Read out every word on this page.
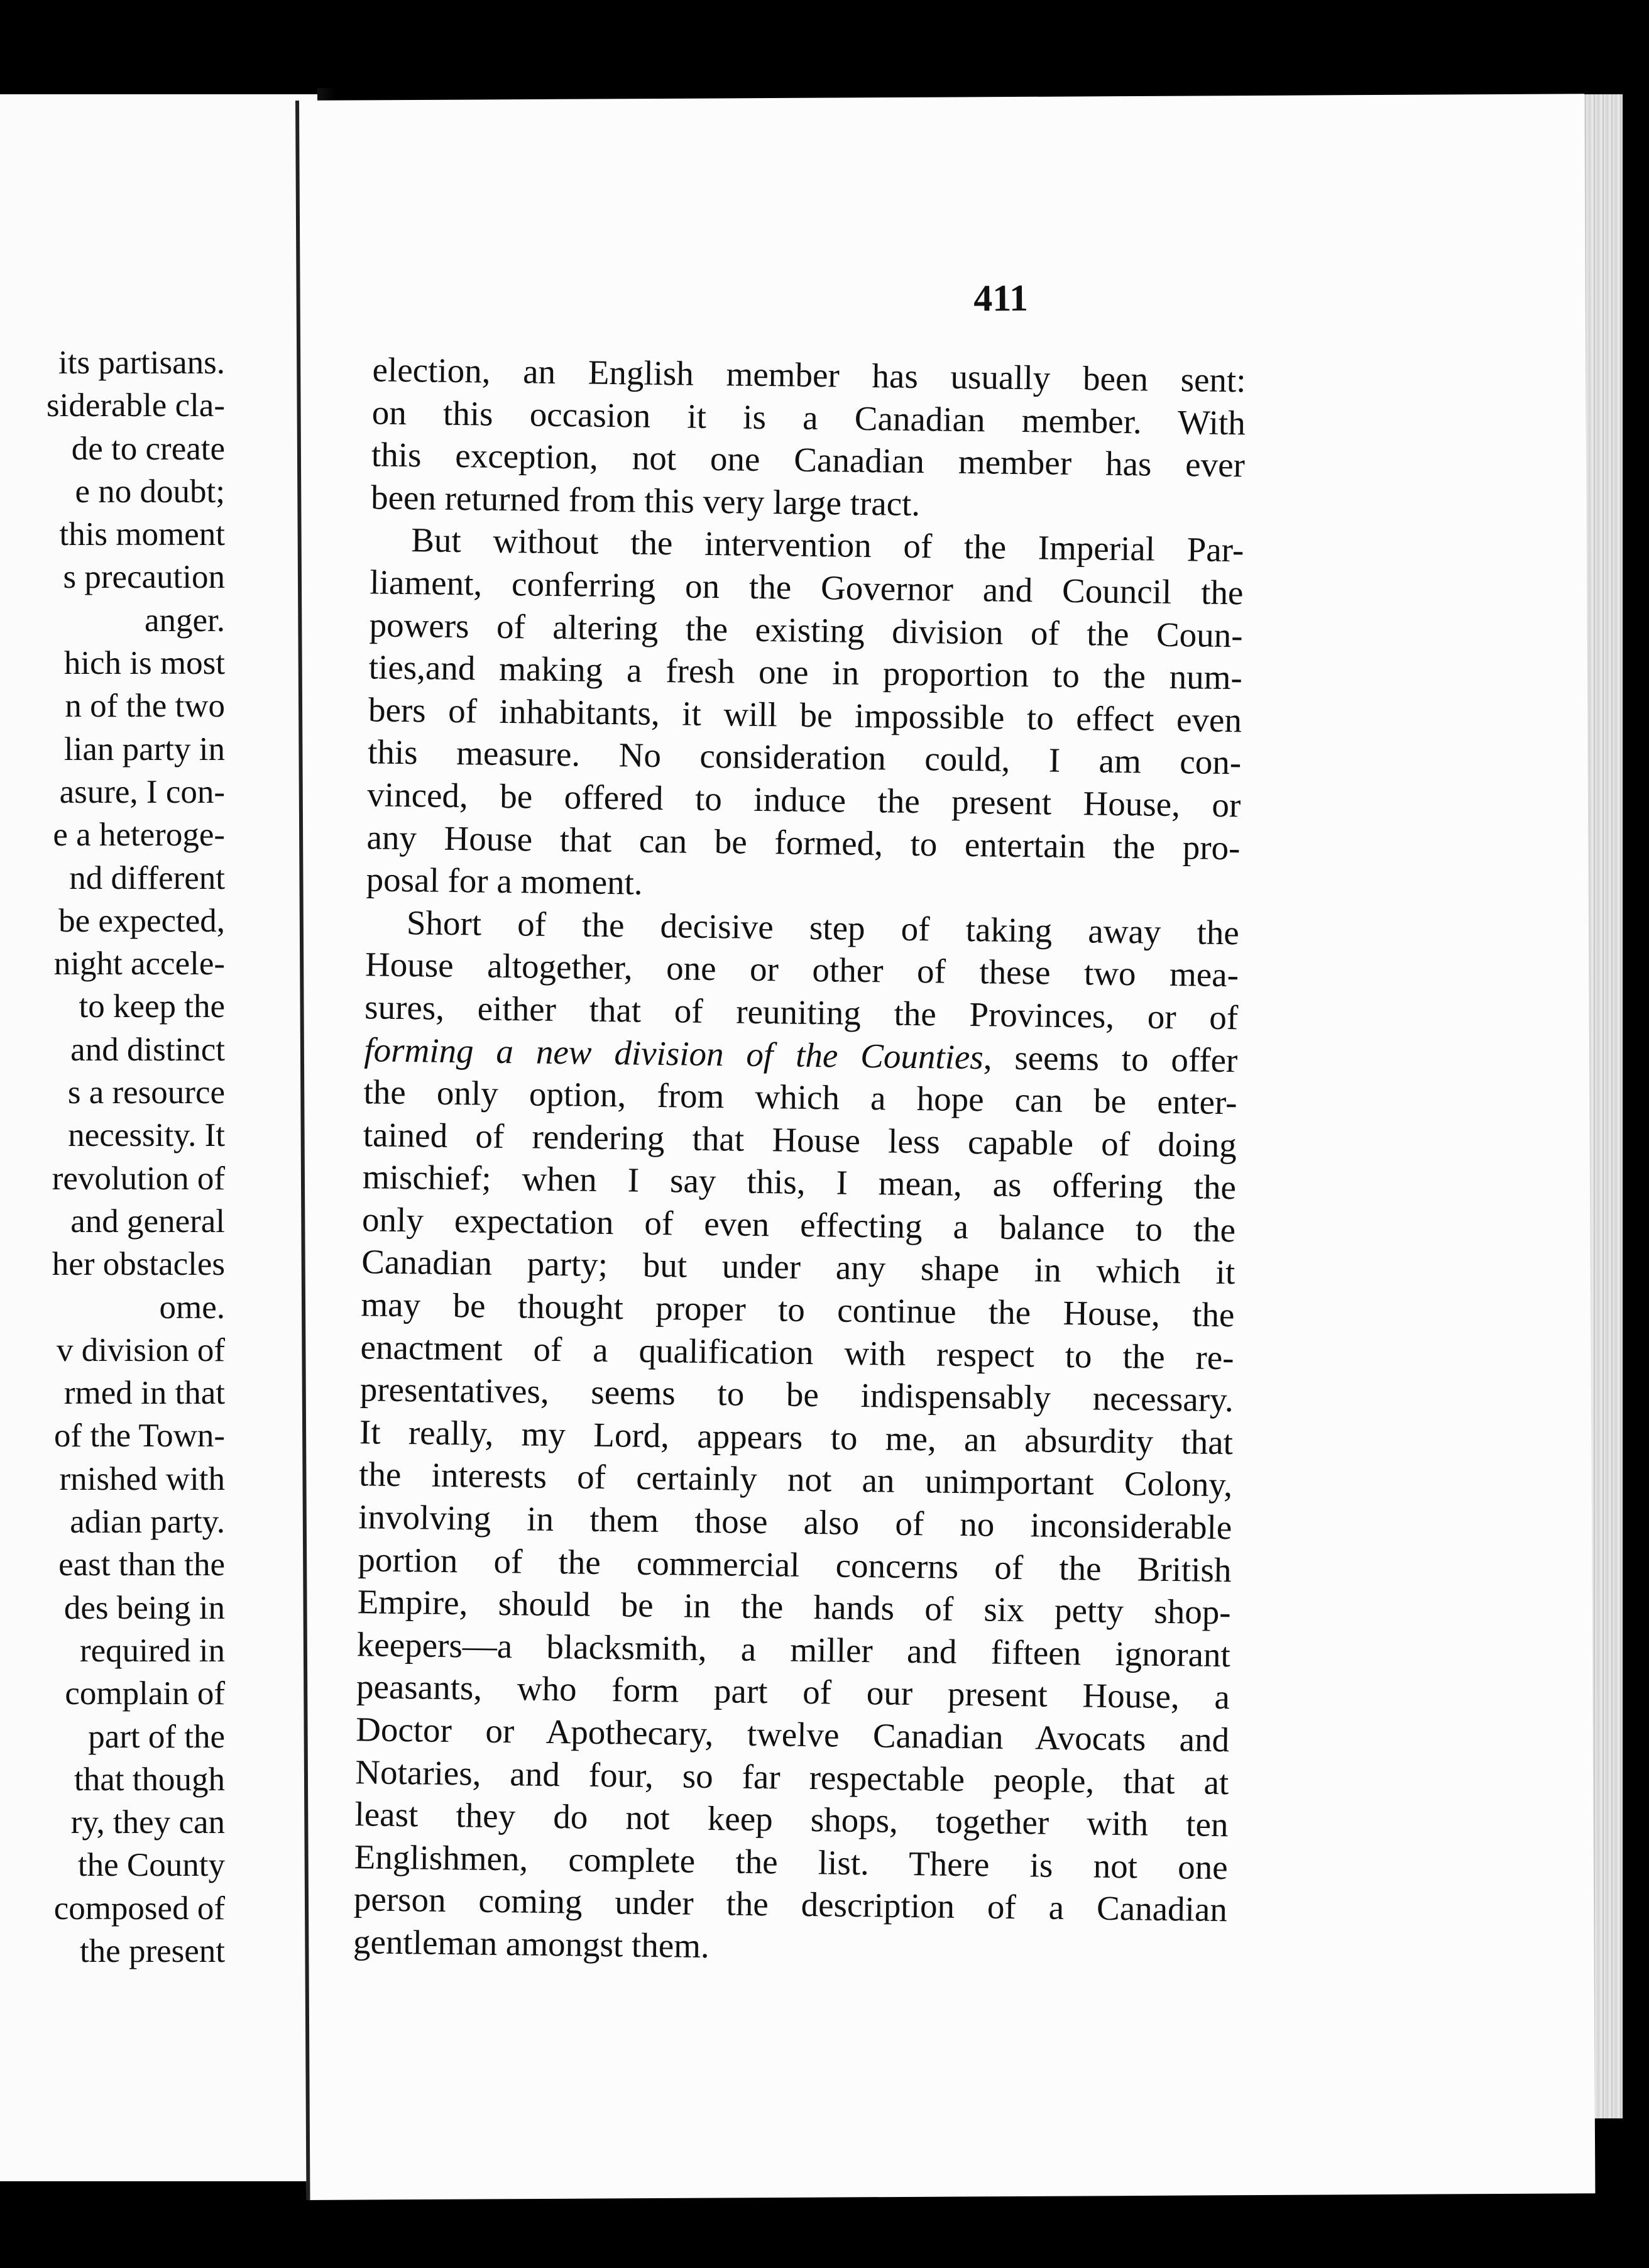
its partisans.
siderable cla-
de to create
e no doubt;
this moment
s precaution
anger.
hich is most
n of the two
lian party in
asure, I con-
e a heteroge-
nd different
be expected,
night accele-
to keep the
and distinct
s a resource
necessity. It
revolution of
and general
her obstacles
ome.
v division of
rmed in that
of the Town-
rnished with
adian party.
east than the
des being in
required in
complain of
part of the
that though
ry, they can
the County
composed of
the present
411
election, an English member has usually been sent:
on this occasion it is a Canadian member. With
this exception, not one Canadian member has ever
been returned from this very large tract.
But without the intervention of the Imperial Par-
liament, conferring on the Governor and Council the
powers of altering the existing division of the Coun-
ties,and making a fresh one in proportion to the num-
bers of inhabitants, it will be impossible to effect even
this measure. No consideration could, I am con-
vinced, be offered to induce the present House, or
any House that can be formed, to entertain the pro-
posal for a moment.
Short of the decisive step of taking away the
House altogether, one or other of these two mea-
sures, either that of reuniting the Provinces, or of
forming a new division of the Counties, seems to offer
the only option, from which a hope can be enter-
tained of rendering that House less capable of doing
mischief; when I say this, I mean, as offering the
only expectation of even effecting a balance to the
Canadian party; but under any shape in which it
may be thought proper to continue the House, the
enactment of a qualification with respect to the re-
presentatives, seems to be indispensably necessary.
It really, my Lord, appears to me, an absurdity that
the interests of certainly not an unimportant Colony,
involving in them those also of no inconsiderable
portion of the commercial concerns of the British
Empire, should be in the hands of six petty shop-
keepers—a blacksmith, a miller and fifteen ignorant
peasants, who form part of our present House, a
Doctor or Apothecary, twelve Canadian Avocats and
Notaries, and four, so far respectable people, that at
least they do not keep shops, together with ten
Englishmen, complete the list. There is not one
person coming under the description of a Canadian
gentleman amongst them.
